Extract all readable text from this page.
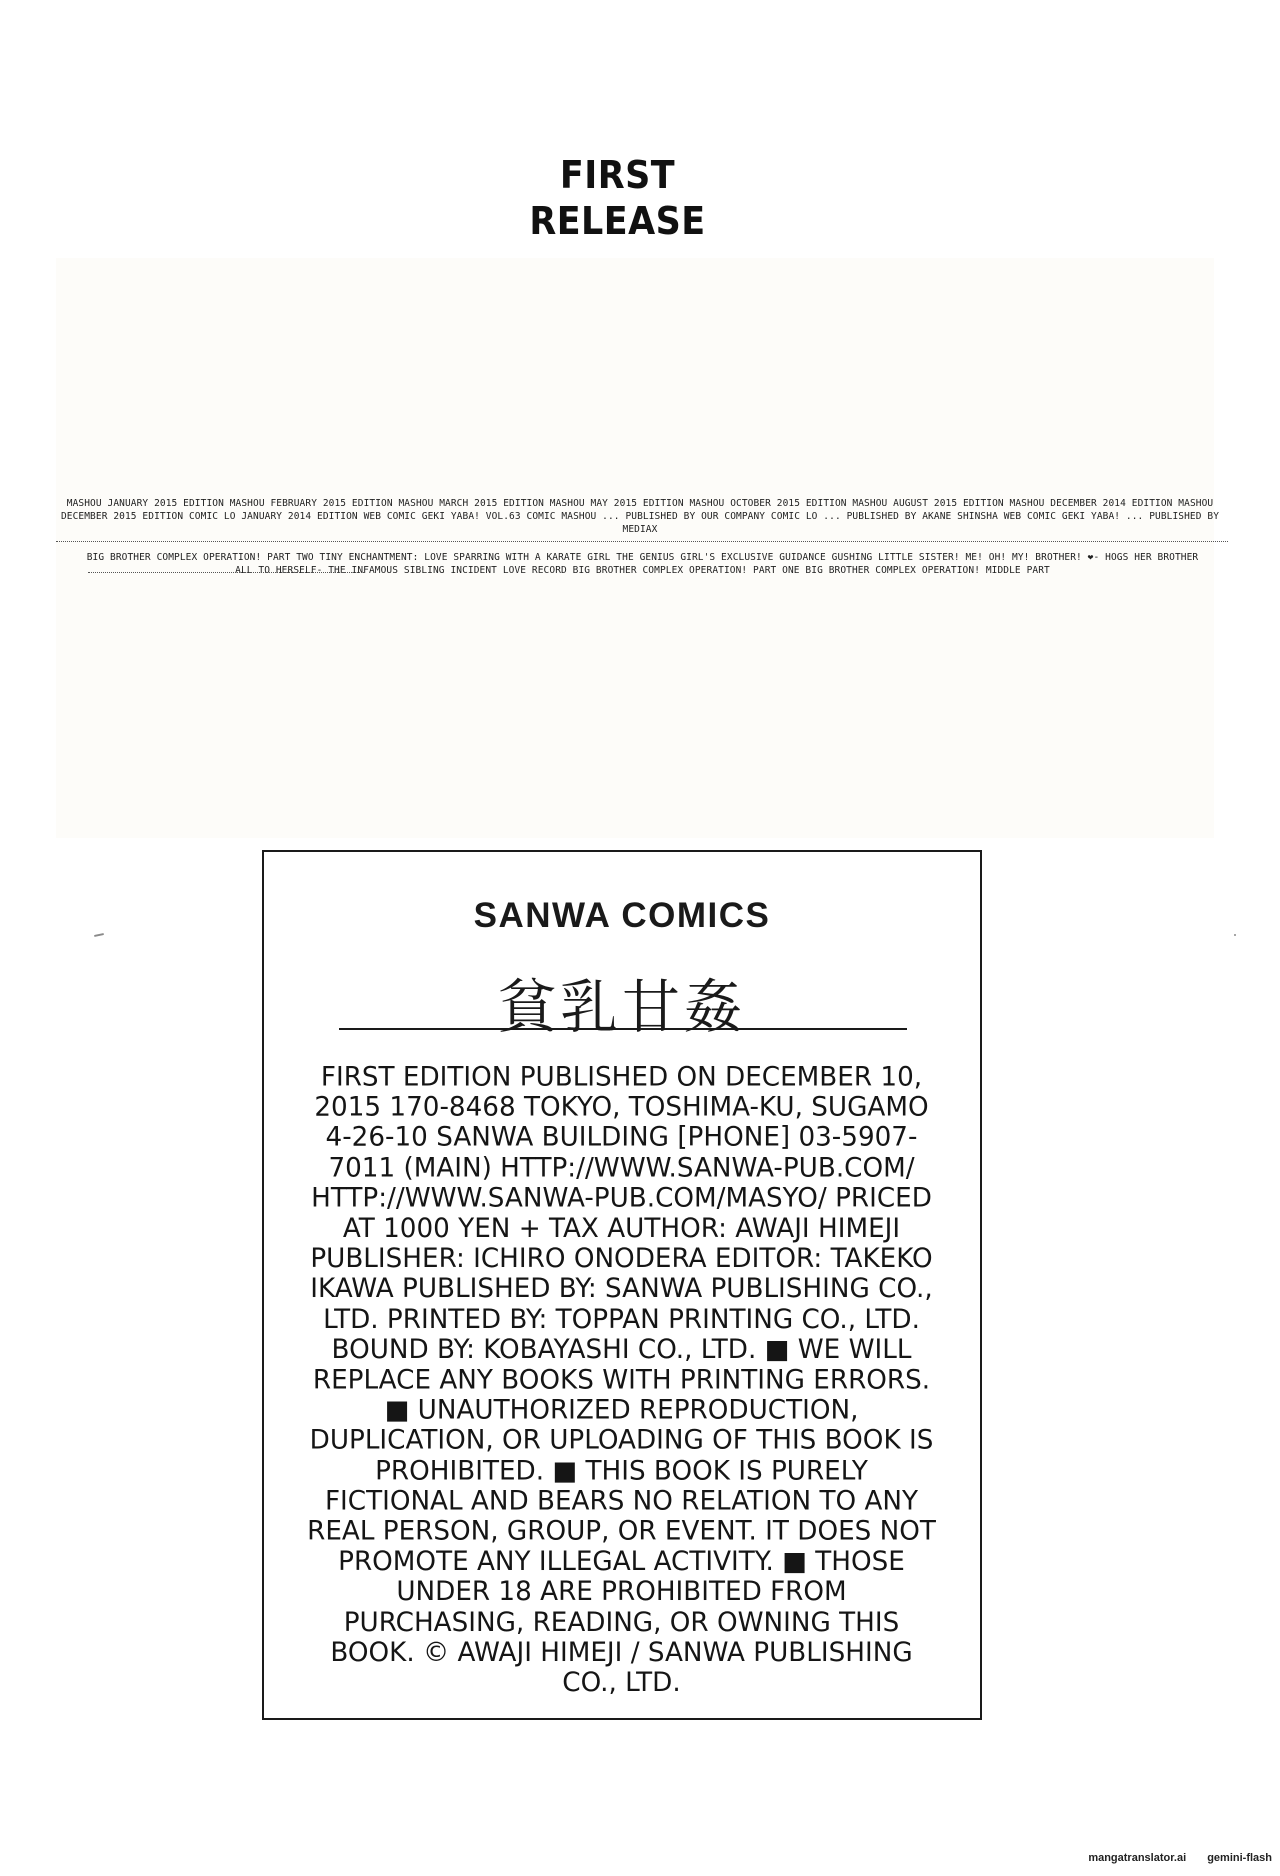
FIRST
RELEASE
MASHOU JANUARY 2015 EDITION MASHOU FEBRUARY 2015 EDITION MASHOU MARCH 2015 EDITION MASHOU MAY 2015 EDITION MASHOU OCTOBER 2015 EDITION MASHOU AUGUST 2015 EDITION MASHOU DECEMBER 2014 EDITION MASHOU DECEMBER 2015 EDITION COMIC LO JANUARY 2014 EDITION WEB COMIC GEKI YABA! VOL.63 COMIC MASHOU ... PUBLISHED BY OUR COMPANY COMIC LO ... PUBLISHED BY AKANE SHINSHA WEB COMIC GEKI YABA! ... PUBLISHED BY MEDIAX
BIG BROTHER COMPLEX OPERATION! PART TWO TINY ENCHANTMENT: LOVE SPARRING WITH A KARATE GIRL THE GENIUS GIRL'S EXCLUSIVE GUIDANCE GUSHING LITTLE SISTER! ME! OH! MY! BROTHER! ❤- HOGS HER BROTHER ALL TO HERSELF- THE INFAMOUS SIBLING INCIDENT LOVE RECORD BIG BROTHER COMPLEX OPERATION! PART ONE BIG BROTHER COMPLEX OPERATION! MIDDLE PART
SANWA COMICS
貧乳甘姦
FIRST EDITION PUBLISHED ON DECEMBER 10, 2015 170-8468 TOKYO, TOSHIMA-KU, SUGAMO 4-26-10 SANWA BUILDING [PHONE] 03-5907-7011 (MAIN) HTTP://WWW.SANWA-PUB.COM/ HTTP://WWW.SANWA-PUB.COM/MASYO/ PRICED AT 1000 YEN + TAX AUTHOR: AWAJI HIMEJI PUBLISHER: ICHIRO ONODERA EDITOR: TAKEKO IKAWA PUBLISHED BY: SANWA PUBLISHING CO., LTD. PRINTED BY: TOPPAN PRINTING CO., LTD. BOUND BY: KOBAYASHI CO., LTD. ■ WE WILL REPLACE ANY BOOKS WITH PRINTING ERRORS. ■ UNAUTHORIZED REPRODUCTION, DUPLICATION, OR UPLOADING OF THIS BOOK IS PROHIBITED. ■ THIS BOOK IS PURELY FICTIONAL AND BEARS NO RELATION TO ANY REAL PERSON, GROUP, OR EVENT. IT DOES NOT PROMOTE ANY ILLEGAL ACTIVITY. ■ THOSE UNDER 18 ARE PROHIBITED FROM PURCHASING, READING, OR OWNING THIS BOOK. © AWAJI HIMEJI / SANWA PUBLISHING CO., LTD.
mangatranslator.ai gemini-flash
